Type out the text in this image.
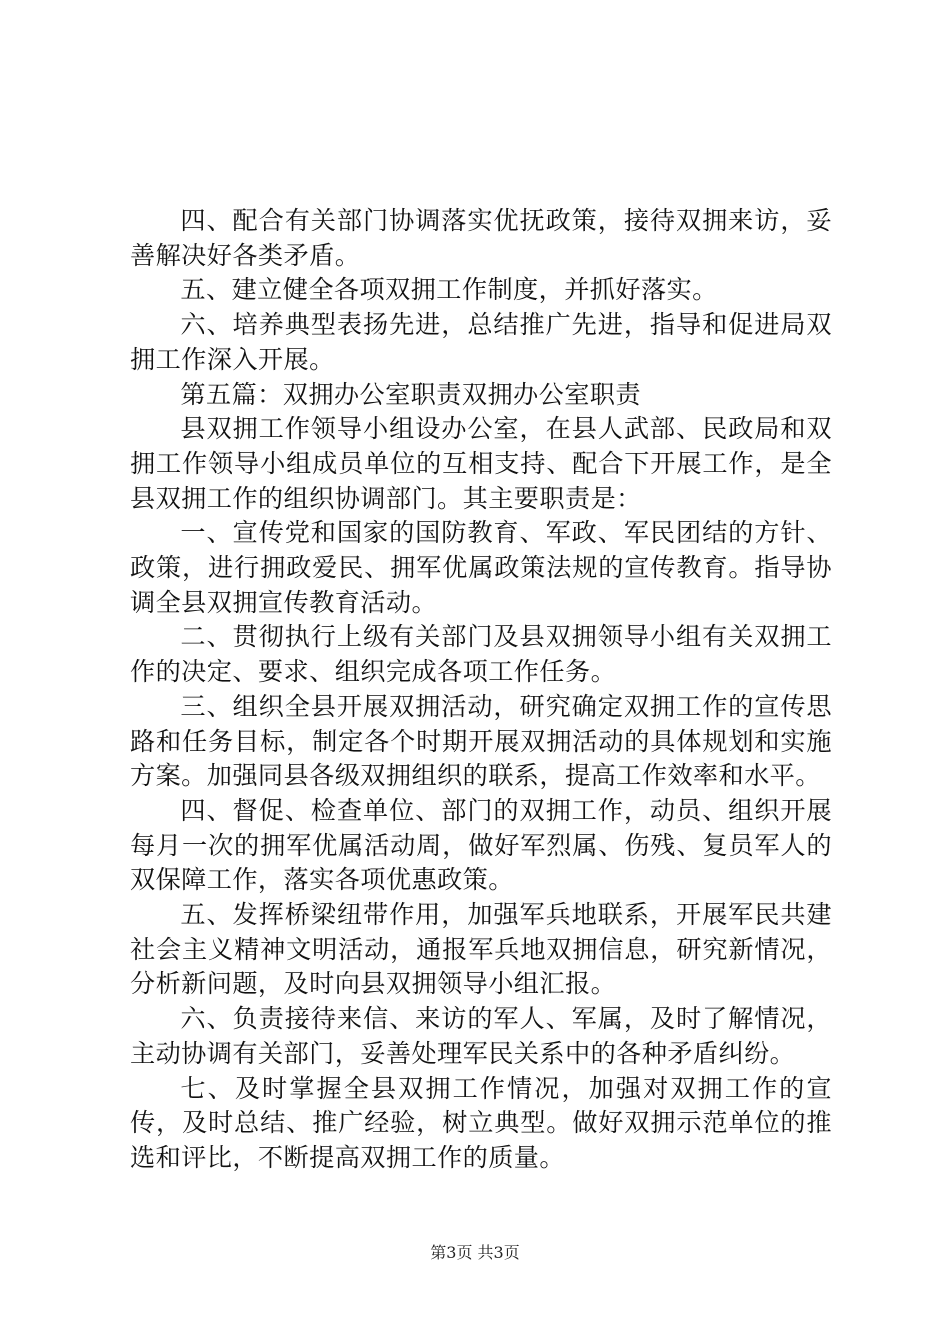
四、配合有关部门协调落实优抚政策，接待双拥来访，妥善解决好各类矛盾。

五、建立健全各项双拥工作制度，并抓好落实。

六、培养典型表扬先进，总结推广先进，指导和促进局双拥工作深入开展。

第五篇：双拥办公室职责双拥办公室职责

县双拥工作领导小组设办公室，在县人武部、民政局和双拥工作领导小组成员单位的互相支持、配合下开展工作，是全县双拥工作的组织协调部门。其主要职责是：

一、宣传党和国家的国防教育、军政、军民团结的方针、政策，进行拥政爱民、拥军优属政策法规的宣传教育。指导协调全县双拥宣传教育活动。

二、贯彻执行上级有关部门及县双拥领导小组有关双拥工作的决定、要求、组织完成各项工作任务。

三、组织全县开展双拥活动，研究确定双拥工作的宣传思路和任务目标，制定各个时期开展双拥活动的具体规划和实施方案。加强同县各级双拥组织的联系，提高工作效率和水平。

四、督促、检查单位、部门的双拥工作，动员、组织开展每月一次的拥军优属活动周，做好军烈属、伤残、复员军人的双保障工作，落实各项优惠政策。

五、发挥桥梁纽带作用，加强军兵地联系，开展军民共建社会主义精神文明活动，通报军兵地双拥信息，研究新情况，分析新问题，及时向县双拥领导小组汇报。

六、负责接待来信、来访的军人、军属，及时了解情况，主动协调有关部门，妥善处理军民关系中的各种矛盾纠纷。

七、及时掌握全县双拥工作情况，加强对双拥工作的宣传，及时总结、推广经验，树立典型。做好双拥示范单位的推选和评比，不断提高双拥工作的质量。

第3页 共3页
